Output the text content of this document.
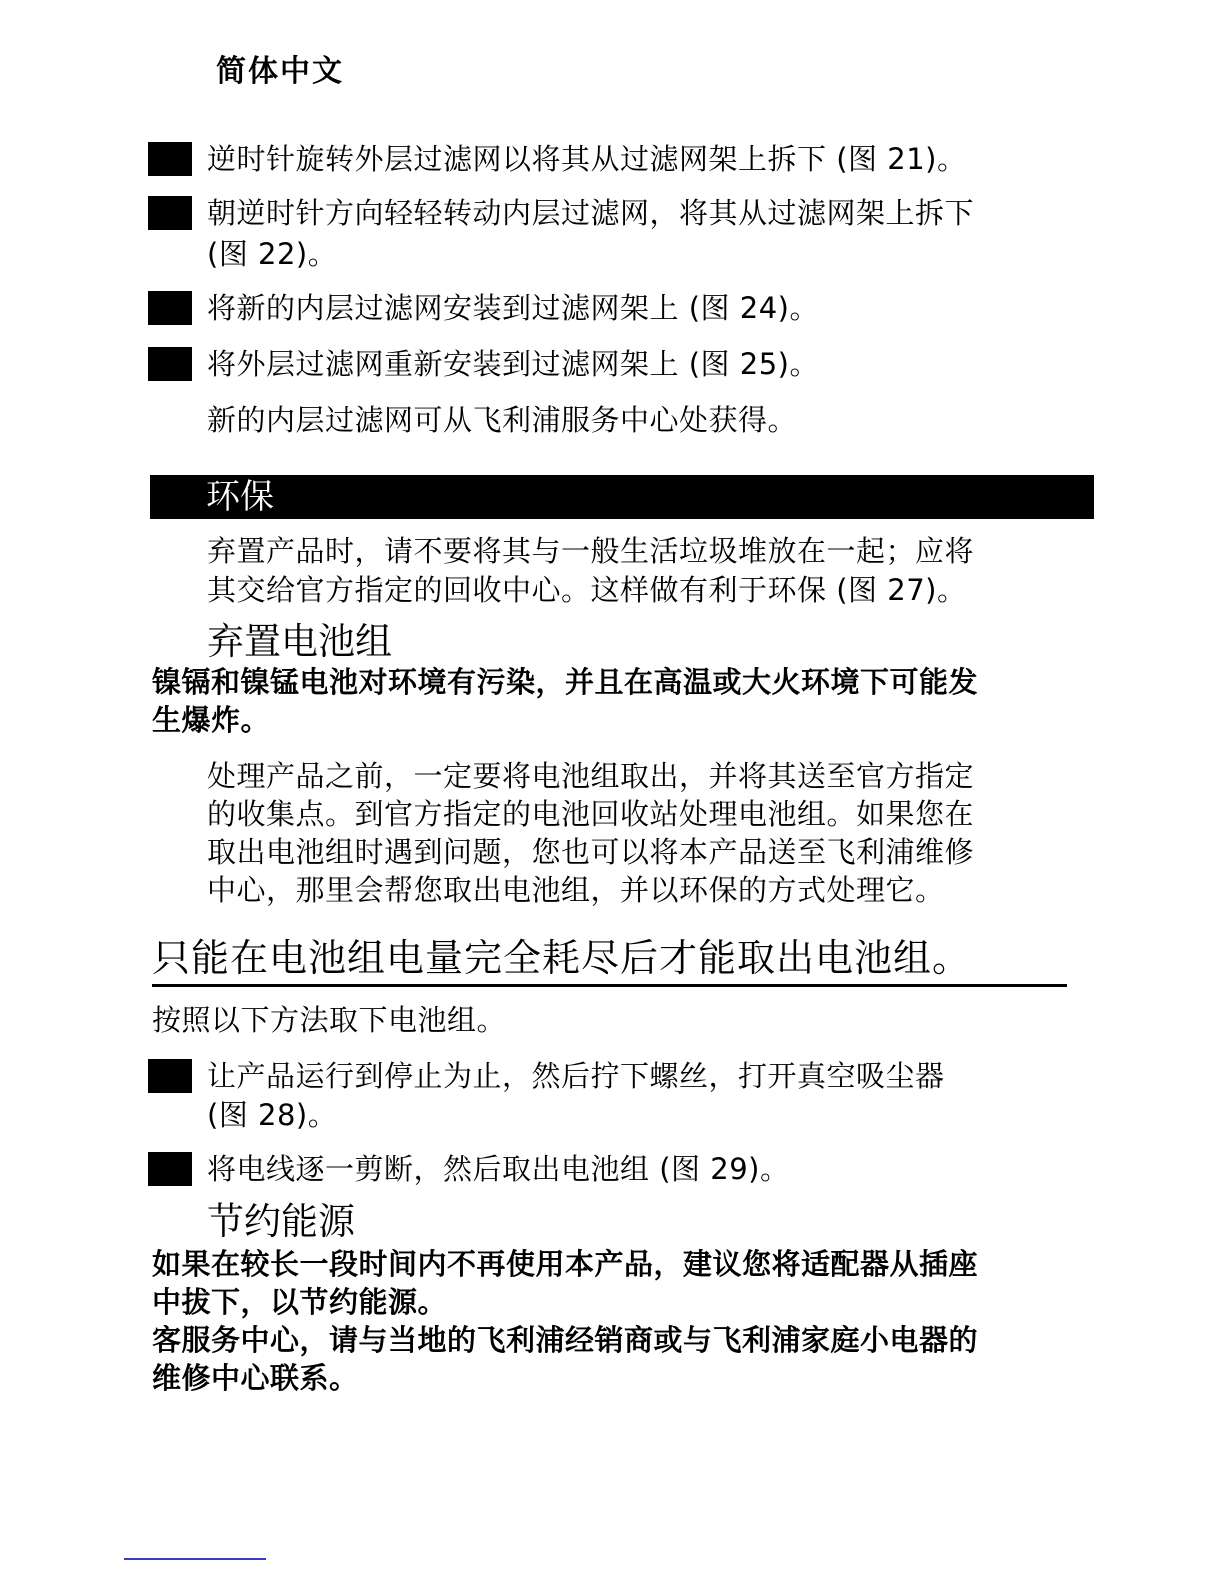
简体中文
逆时针旋转外层过滤网以将其从过滤网架上拆下 (图 21)。
朝逆时针方向轻轻转动内层过滤网，将其从过滤网架上拆下
(图 22)。
将新的内层过滤网安装到过滤网架上 (图 24)。
将外层过滤网重新安装到过滤网架上 (图 25)。
新的内层过滤网可从飞利浦服务中心处获得。
环保
弃置产品时，请不要将其与一般生活垃圾堆放在一起；应将
其交给官方指定的回收中心。这样做有利于环保 (图 27)。
弃置电池组
镍镉和镍锰电池对环境有污染，并且在高温或大火环境下可能发
生爆炸。
处理产品之前，一定要将电池组取出，并将其送至官方指定
的收集点。到官方指定的电池回收站处理电池组。如果您在
取出电池组时遇到问题，您也可以将本产品送至飞利浦维修
中心，那里会帮您取出电池组，并以环保的方式处理它。
只能在电池组电量完全耗尽后才能取出电池组。
按照以下方法取下电池组。
让产品运行到停止为止，然后拧下螺丝，打开真空吸尘器
(图 28)。
将电线逐一剪断，然后取出电池组 (图 29)。
节约能源
如果在较长一段时间内不再使用本产品，建议您将适配器从插座
中拔下，以节约能源。
客服务中心，请与当地的飞利浦经销商或与飞利浦家庭小电器的
维修中心联系。
